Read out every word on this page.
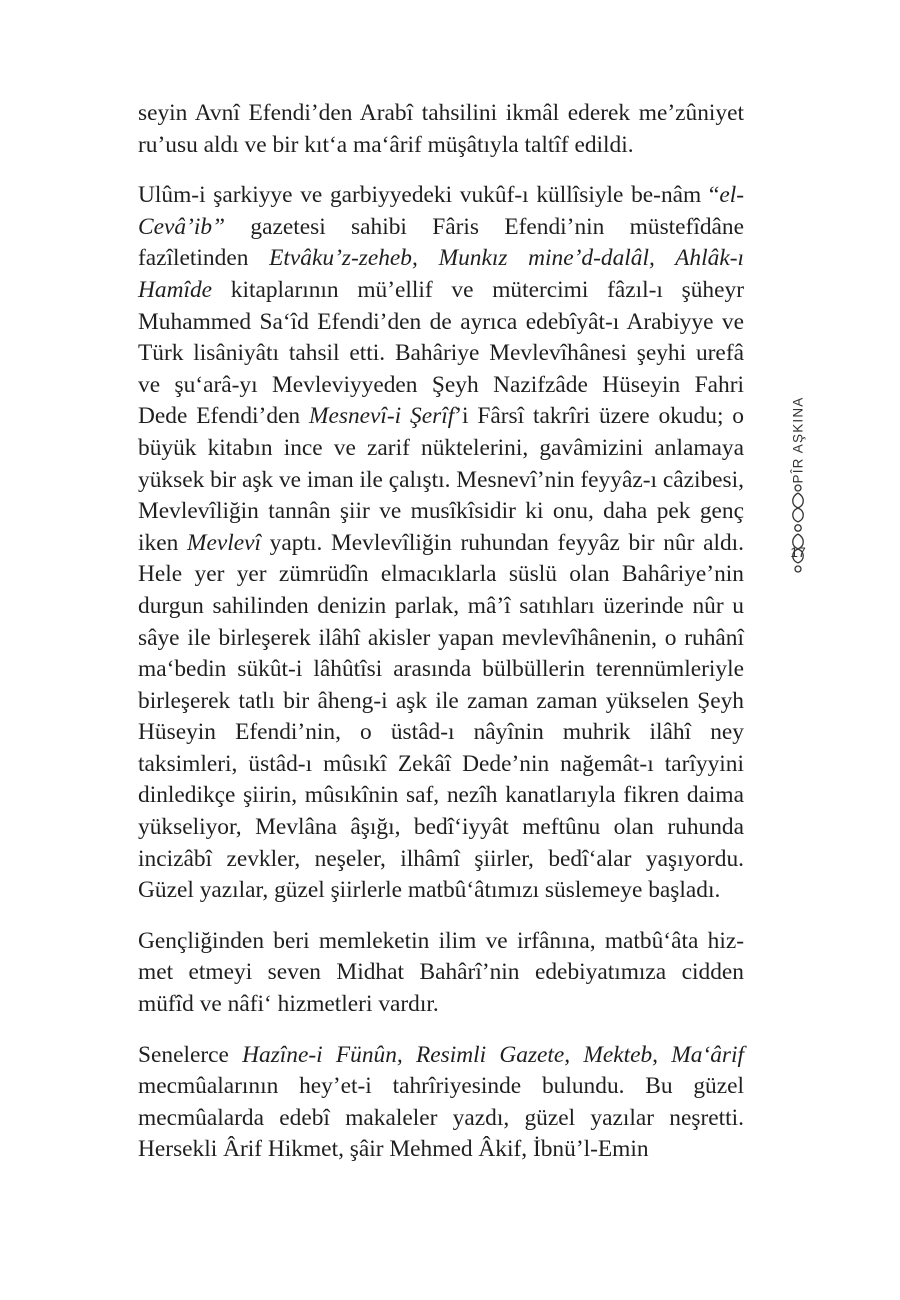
seyin Avnî Efendi’den Arabî tahsilini ikmâl ederek me’zûniyet ru’usu aldı ve bir kıt‘a ma‘ârif müşâtıyla taltîf edildi.

Ulûm-i şarkiyye ve garbiyyedeki vukûf-ı küllîsiyle be-nâm “el-Cevâ’ib” gazetesi sahibi Fâris Efendi’nin müstefîdâne fazîletinden Etvâku’z-zeheb, Munkız mine’d-dalâl, Ahlâk-ı Hamîde kitaplarının mü’ellif ve mütercimi fâzıl-ı şüheyr Muhammed Sa‘îd Efendi’den de ayrıca edebîyât-ı Arabiyye ve Türk lisâniyâtı tahsil etti. Bahâriye Mevlevîhânesi şeyhi urefâ ve şu‘arâ-yı Mevleviyyeden Şeyh Nazifzâde Hüseyin Fahri Dede Efendi’den Mesnevî-i Şerîf’i Fârsî takrîri üzere okudu; o büyük kitabın ince ve zarif nüktelerini, gavâmizini anlamaya yüksek bir aşk ve iman ile çalıştı. Mesnevî’nin feyyâz-ı câzibesi, Mevlevîliğin tannân şiir ve musîkîsidir ki onu, daha pek genç iken Mevlevî yaptı. Mevlevîliğin ruhundan feyyâz bir nûr aldı. Hele yer yer zümrüdîn elmacıklarla süslü olan Bahâriye’nin durgun sahilinden denizin parlak, mâ’î satıhları üzerinde nûr u sâye ile birleşerek ilâhî akisler yapan mevlevîhânenin, o ruhânî ma‘bedin sükût-i lâhûtîsi arasında bülbüllerin terennümleriyle birleşerek tatlı bir âheng-i aşk ile zaman zaman yükselen Şeyh Hüseyin Efendi’nin, o üstâd-ı nâyînin muhrik ilâhî ney taksimleri, üstâd-ı mûsıkî Zekâî Dede’nin nağemât-ı tarîyyini dinledikçe şiirin, mûsıkînin saf, nezîh kanatlarıyla fikren daima yükseliyor, Mevlâna âşığı, bedî‘iyyât meftûnu olan ruhunda incizâbî zevkler, neşeler, ilhâmî şiirler, bedî‘alar yaşıyordu. Güzel yazılar, güzel şiirlerle matbû‘âtımızı süslemeye başladı.

Gençliğinden beri memleketin ilim ve irfânına, matbû‘âta hizmet etmeyi seven Midhat Bahârî’nin edebiyatımıza cidden müfîd ve nâfi‘ hizmetleri vardır.

Senelerce Hazîne-i Fünûn, Resimli Gazete, Mekteb, Ma‘ârif mecmûalarının hey’et-i tahrîriyesinde bulundu. Bu güzel mecmûalarda edebî makaleler yazdı, güzel yazılar neşretti. Hersekli Ârif Hikmet, şâir Mehmed Âkif, İbnü’l-Emin

PÎR AŞKINA
17
